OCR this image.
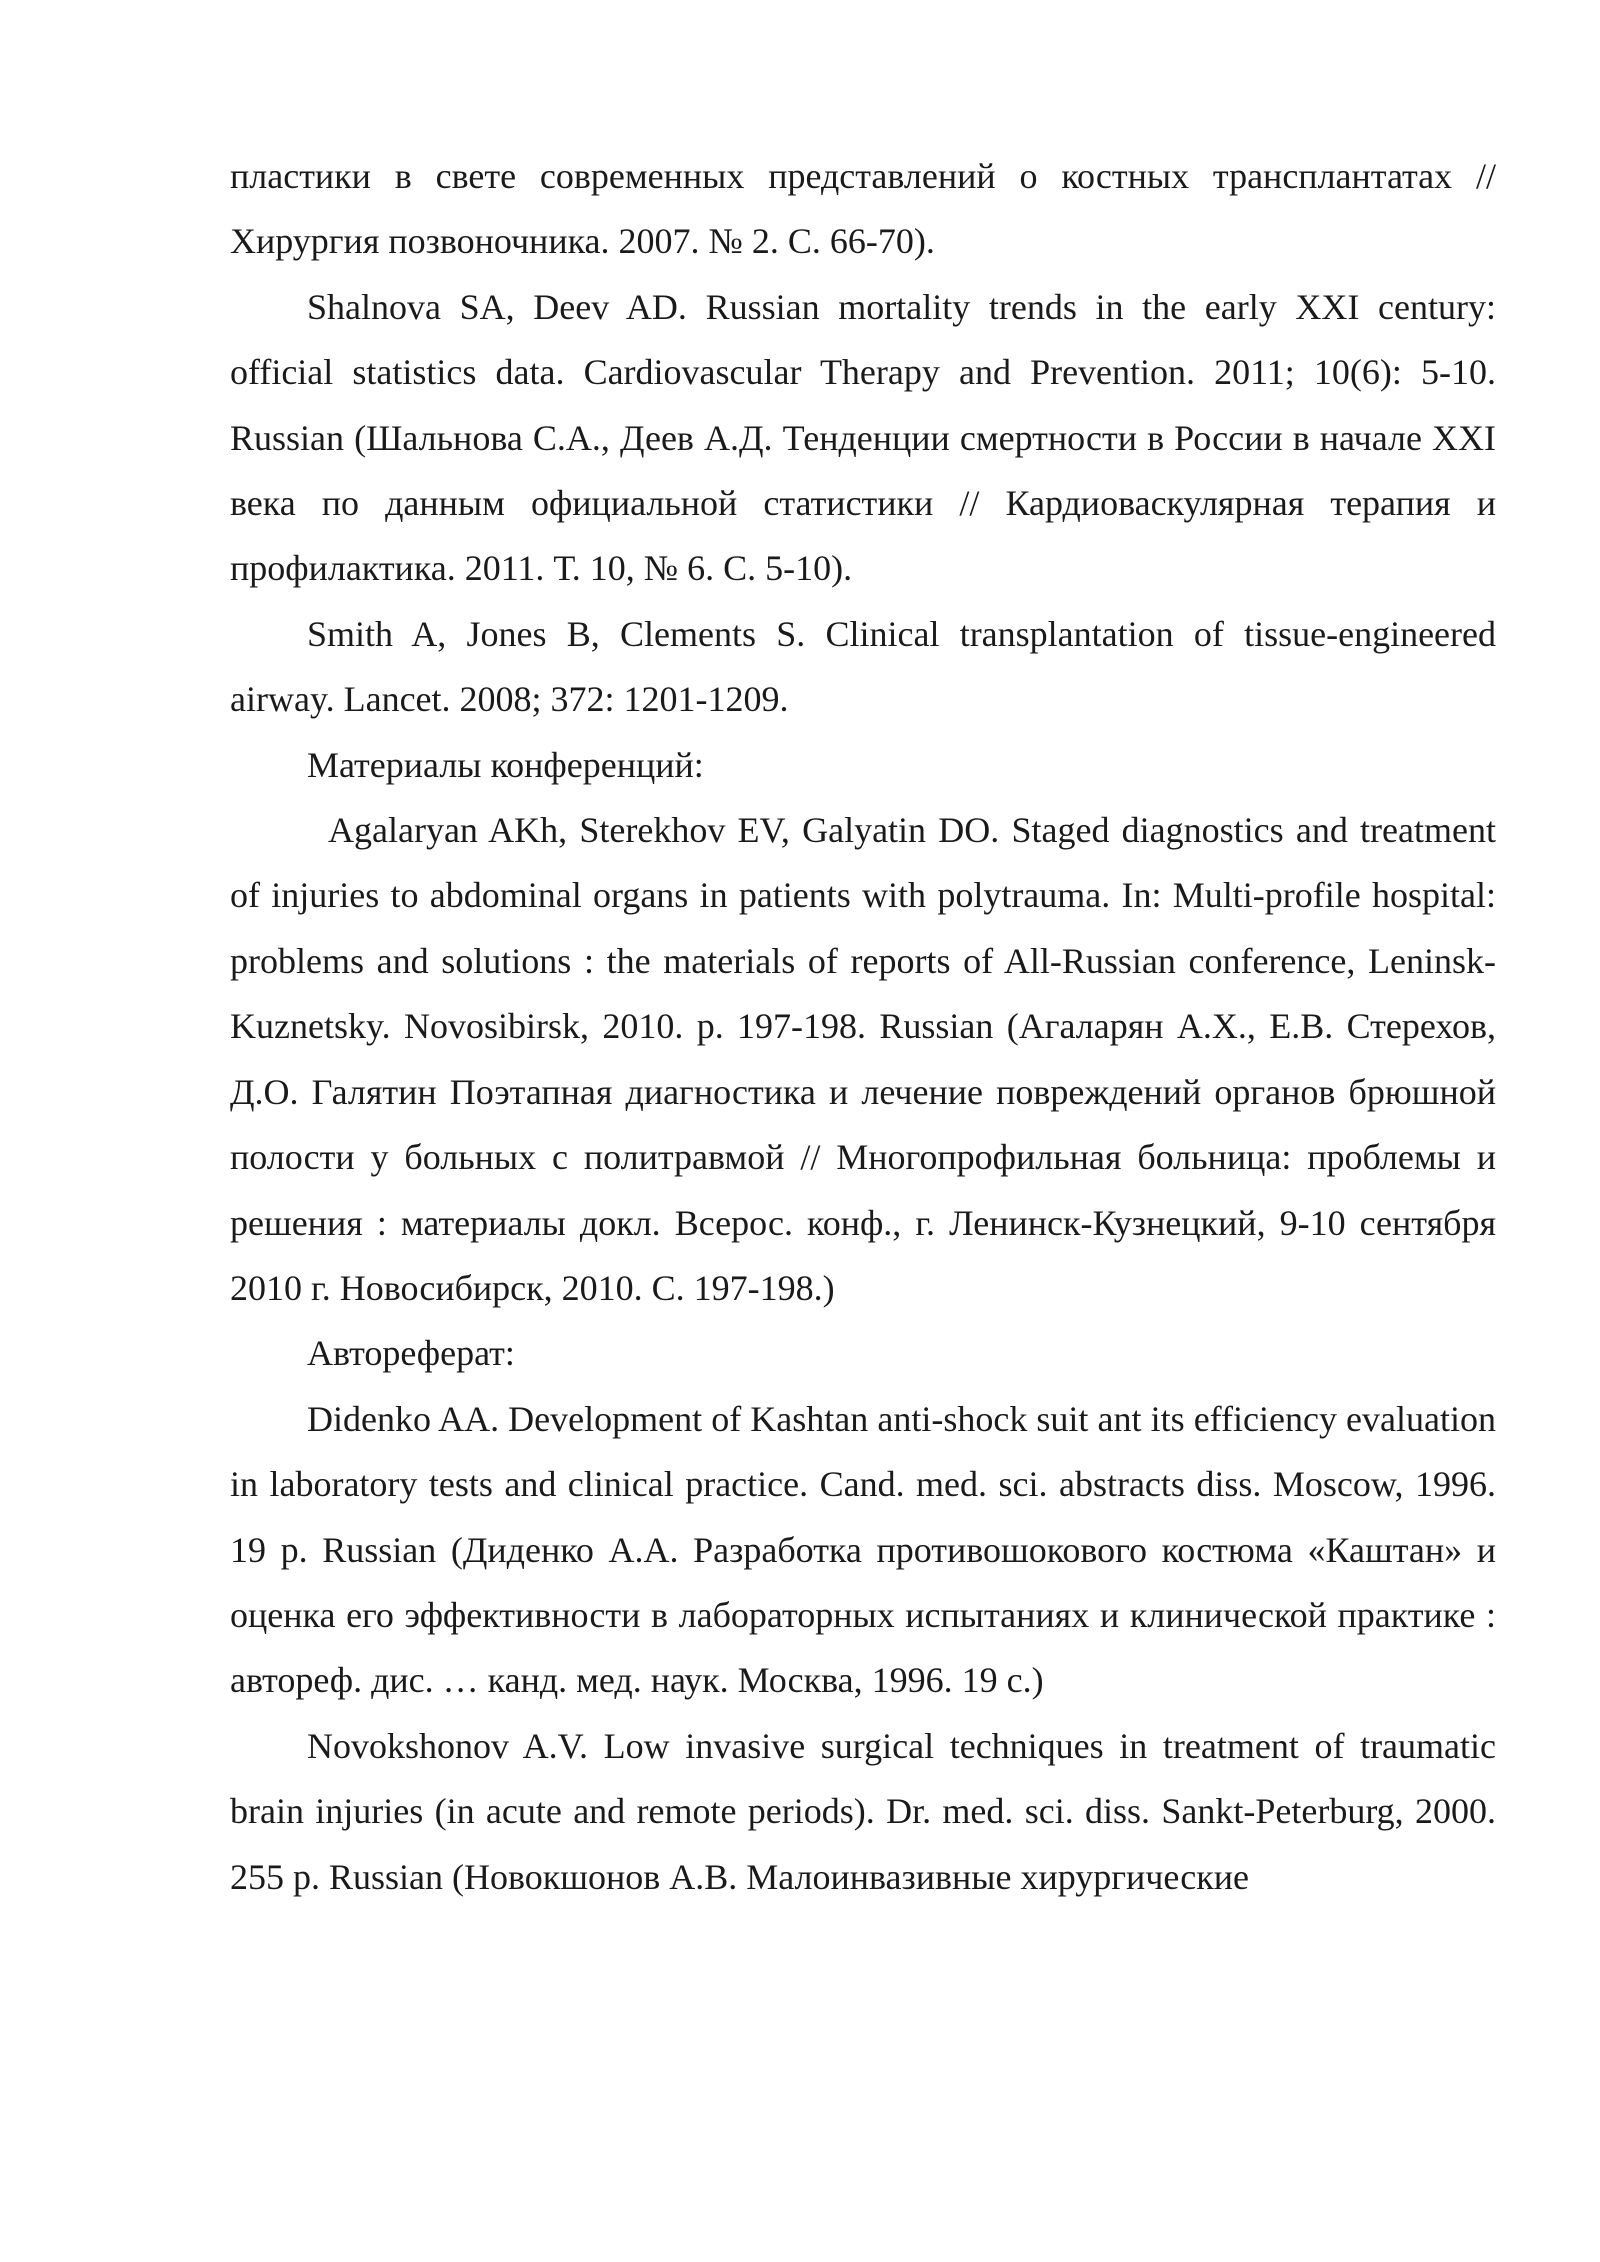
пластики в свете современных представлений о костных трансплантатах // Хирургия позвоночника. 2007. № 2. С. 66-70).

Shalnova SA, Deev AD. Russian mortality trends in the early XXI century: official statistics data. Cardiovascular Therapy and Prevention. 2011; 10(6): 5-10. Russian (Шальнова С.А., Деев А.Д. Тенденции смертности в России в начале XXI века по данным официальной статистики // Кардиоваскулярная терапия и профилактика. 2011. Т. 10, № 6. С. 5-10).

Smith A, Jones B, Clements S. Clinical transplantation of tissue-engineered airway. Lancet. 2008; 372: 1201-1209.

Материалы конференций:

Agalaryan AKh, Sterekhov EV, Galyatin DO. Staged diagnostics and treatment of injuries to abdominal organs in patients with polytrauma. In: Multi-profile hospital: problems and solutions : the materials of reports of All-Russian conference, Leninsk-Kuznetsky. Novosibirsk, 2010. p. 197-198. Russian (Агаларян А.Х., Е.В. Стерехов, Д.О. Галятин Поэтапная диагностика и лечение повреждений органов брюшной полости у больных с политравмой // Многопрофильная больница: проблемы и решения : материалы докл. Всерос. конф., г. Ленинск-Кузнецкий, 9-10 сентября 2010 г. Новосибирск, 2010. С. 197-198.)

Автореферат:

Didenko AA. Development of Kashtan anti-shock suit ant its efficiency evaluation in laboratory tests and clinical practice. Cand. med. sci. abstracts diss. Moscow, 1996. 19 p. Russian (Диденко А.А. Разработка противошокового костюма «Каштан» и оценка его эффективности в лабораторных испытаниях и клинической практике : автореф. дис. … канд. мед. наук. Москва, 1996. 19 с.)

Novokshonov A.V. Low invasive surgical techniques in treatment of traumatic brain injuries (in acute and remote periods). Dr. med. sci. diss. Sankt-Peterburg, 2000. 255 p. Russian (Новокшонов А.В. Малоинвазивные хирургические
